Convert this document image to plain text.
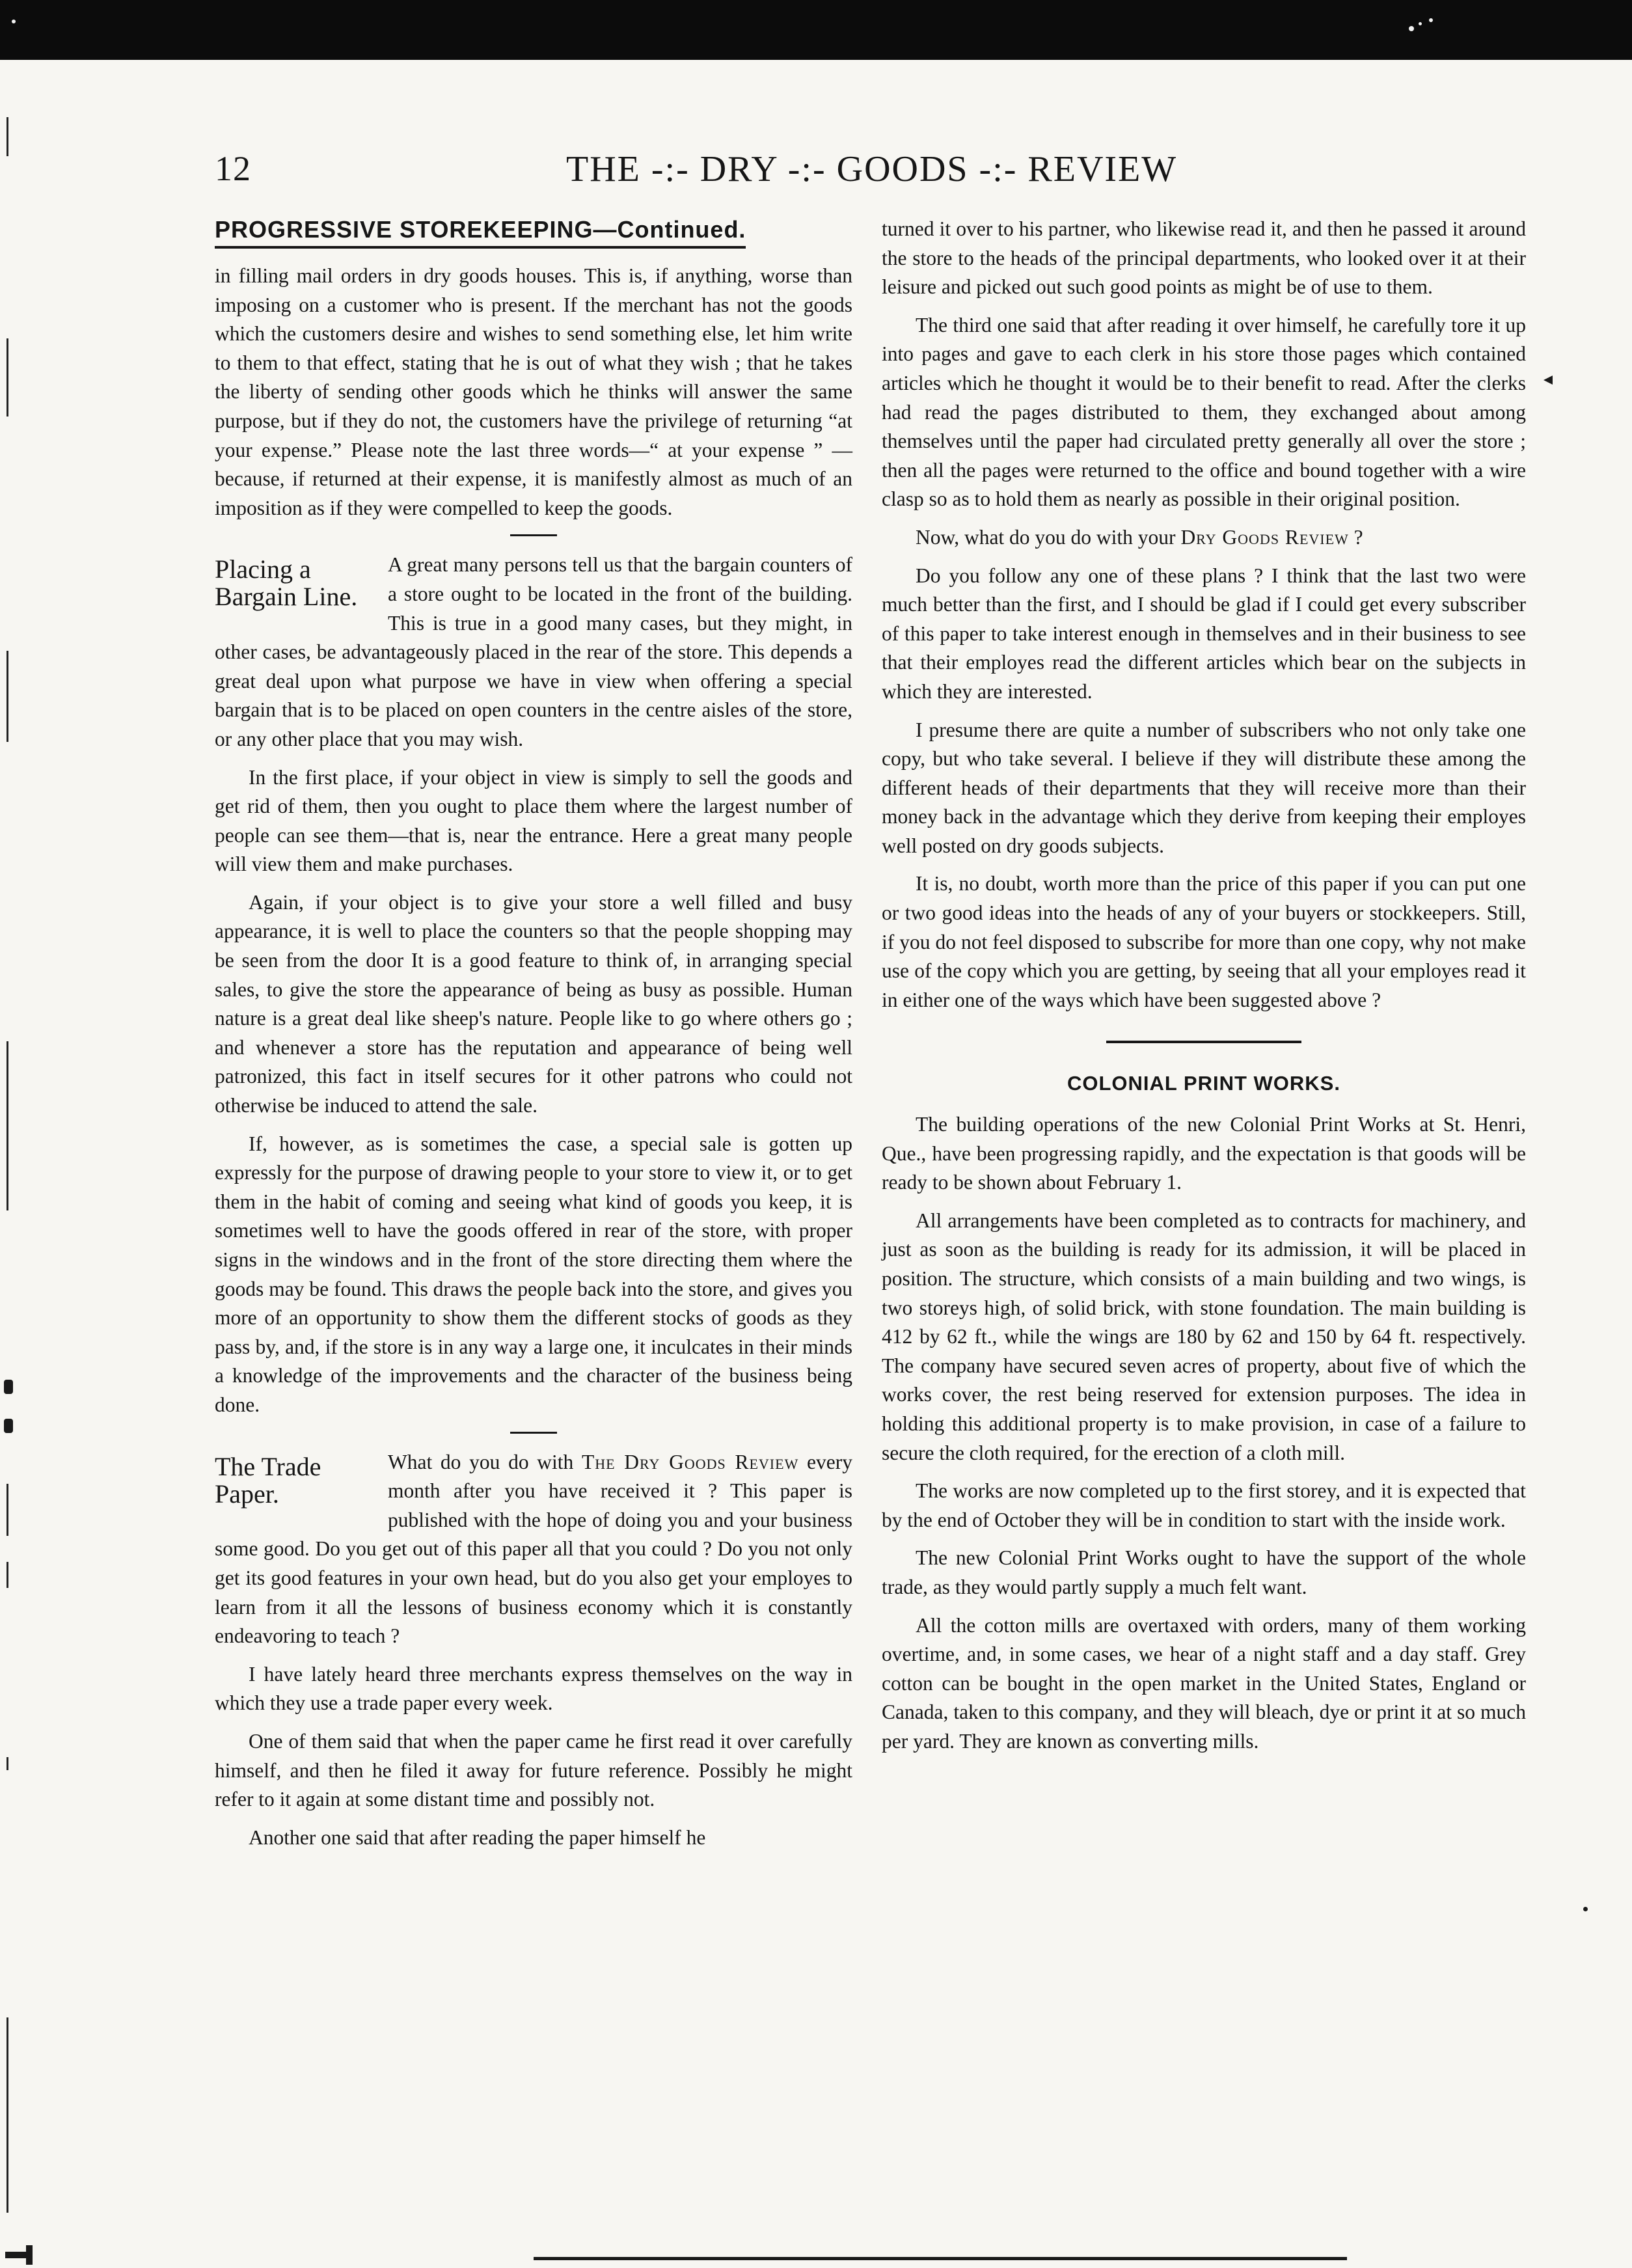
12	THE -:- DRY -:- GOODS -:- REVIEW
PROGRESSIVE STOREKEEPING—Continued.

in filling mail orders in dry goods houses. This is, if anything, worse than imposing on a customer who is present. If the merchant has not the goods which the customers desire and wishes to send something else, let him write to them to that effect, stating that he is out of what they wish ; that he takes the liberty of sending other goods which he thinks will answer the same purpose, but if they do not, the customers have the privilege of returning “at your expense.” Please note the last three words—“ at your expense ” —because, if returned at their expense, it is manifestly almost as much of an imposition as if they were compelled to keep the goods.

Placing a Bargain Line.
A great many persons tell us that the bargain counters of a store ought to be located in the front of the building. This is true in a good many cases, but they might, in other cases, be advantageously placed in the rear of the store. This depends a great deal upon what purpose we have in view when offering a special bargain that is to be placed on open counters in the centre aisles of the store, or any other place that you may wish.

In the first place, if your object in view is simply to sell the goods and get rid of them, then you ought to place them where the largest number of people can see them—that is, near the entrance. Here a great many people will view them and make purchases.

Again, if your object is to give your store a well filled and busy appearance, it is well to place the counters so that the people shopping may be seen from the door It is a good feature to think of, in arranging special sales, to give the store the appearance of being as busy as possible. Human nature is a great deal like sheep's nature. People like to go where others go ; and whenever a store has the reputation and appearance of being well patronized, this fact in itself secures for it other patrons who could not otherwise be induced to attend the sale.

If, however, as is sometimes the case, a special sale is gotten up expressly for the purpose of drawing people to your store to view it, or to get them in the habit of coming and seeing what kind of goods you keep, it is sometimes well to have the goods offered in rear of the store, with proper signs in the windows and in the front of the store directing them where the goods may be found. This draws the people back into the store, and gives you more of an opportunity to show them the different stocks of goods as they pass by, and, if the store is in any way a large one, it inculcates in their minds a knowledge of the improvements and the character of the business being done.

The Trade Paper.
What do you do with The Dry Goods Review every month after you have received it ? This paper is published with the hope of doing you and your business some good. Do you get out of this paper all that you could ? Do you not only get its good features in your own head, but do you also get your employes to learn from it all the lessons of business economy which it is constantly endeavoring to teach ?

I have lately heard three merchants express themselves on the way in which they use a trade paper every week.

One of them said that when the paper came he first read it over carefully himself, and then he filed it away for future reference. Possibly he might refer to it again at some distant time and possibly not.

Another one said that after reading the paper himself he

turned it over to his partner, who likewise read it, and then he passed it around the store to the heads of the principal departments, who looked over it at their leisure and picked out such good points as might be of use to them.

The third one said that after reading it over himself, he carefully tore it up into pages and gave to each clerk in his store those pages which contained articles which he thought it would be to their benefit to read. After the clerks had read the pages distributed to them, they exchanged about among themselves until the paper had circulated pretty generally all over the store ; then all the pages were returned to the office and bound together with a wire clasp so as to hold them as nearly as possible in their original position.

Now, what do you do with your Dry Goods Review ?

Do you follow any one of these plans ? I think that the last two were much better than the first, and I should be glad if I could get every subscriber of this paper to take interest enough in themselves and in their business to see that their employes read the different articles which bear on the subjects in which they are interested.

I presume there are quite a number of subscribers who not only take one copy, but who take several. I believe if they will distribute these among the different heads of their departments that they will receive more than their money back in the advantage which they derive from keeping their employes well posted on dry goods subjects.

It is, no doubt, worth more than the price of this paper if you can put one or two good ideas into the heads of any of your buyers or stockkeepers. Still, if you do not feel disposed to subscribe for more than one copy, why not make use of the copy which you are getting, by seeing that all your employes read it in either one of the ways which have been suggested above ?

COLONIAL PRINT WORKS.

The building operations of the new Colonial Print Works at St. Henri, Que., have been progressing rapidly, and the expectation is that goods will be ready to be shown about February 1.

All arrangements have been completed as to contracts for machinery, and just as soon as the building is ready for its admission, it will be placed in position. The structure, which consists of a main building and two wings, is two storeys high, of solid brick, with stone foundation. The main building is 412 by 62 ft., while the wings are 180 by 62 and 150 by 64 ft. respectively. The company have secured seven acres of property, about five of which the works cover, the rest being reserved for extension purposes. The idea in holding this additional property is to make provision, in case of a failure to secure the cloth required, for the erection of a cloth mill.

The works are now completed up to the first storey, and it is expected that by the end of October they will be in condition to start with the inside work.

The new Colonial Print Works ought to have the support of the whole trade, as they would partly supply a much felt want.

All the cotton mills are overtaxed with orders, many of them working overtime, and, in some cases, we hear of a night staff and a day staff. Grey cotton can be bought in the open market in the United States, England or Canada, taken to this company, and they will bleach, dye or print it at so much per yard. They are known as converting mills.
